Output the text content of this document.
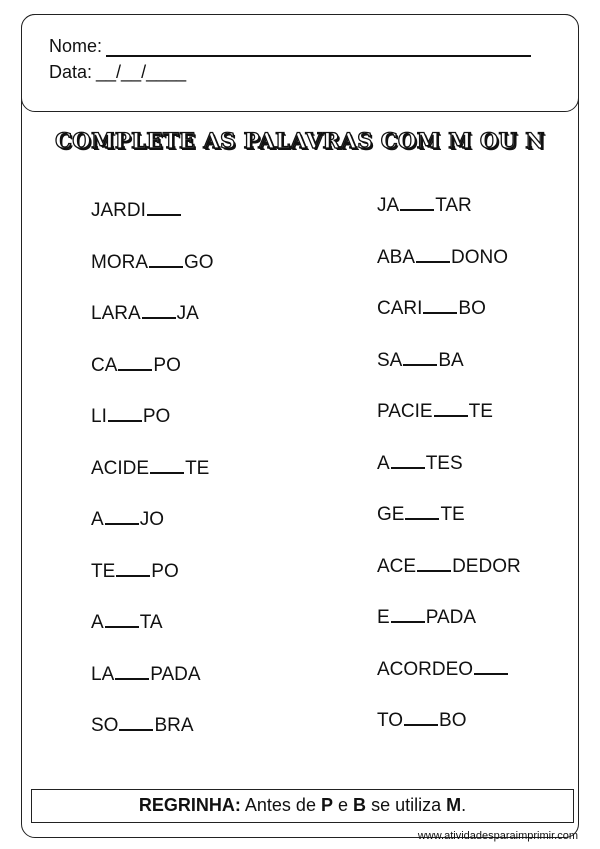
Nome:
Data: __/__/____
COMPLETE AS PALAVRAS COM M OU N
JARDI
MORA GO
LARA JA
CA PO
LI PO
ACIDE TE
A JO
TE PO
A TA
LA PADA
SO BRA
JA TAR
ABA DONO
CARI BO
SA BA
PACIE TE
A TES
GE TE
ACE DEDOR
E PADA
ACORDEO
TO BO
REGRINHA: Antes de P e B se utiliza M.
www.atividadesparaimprimir.com
